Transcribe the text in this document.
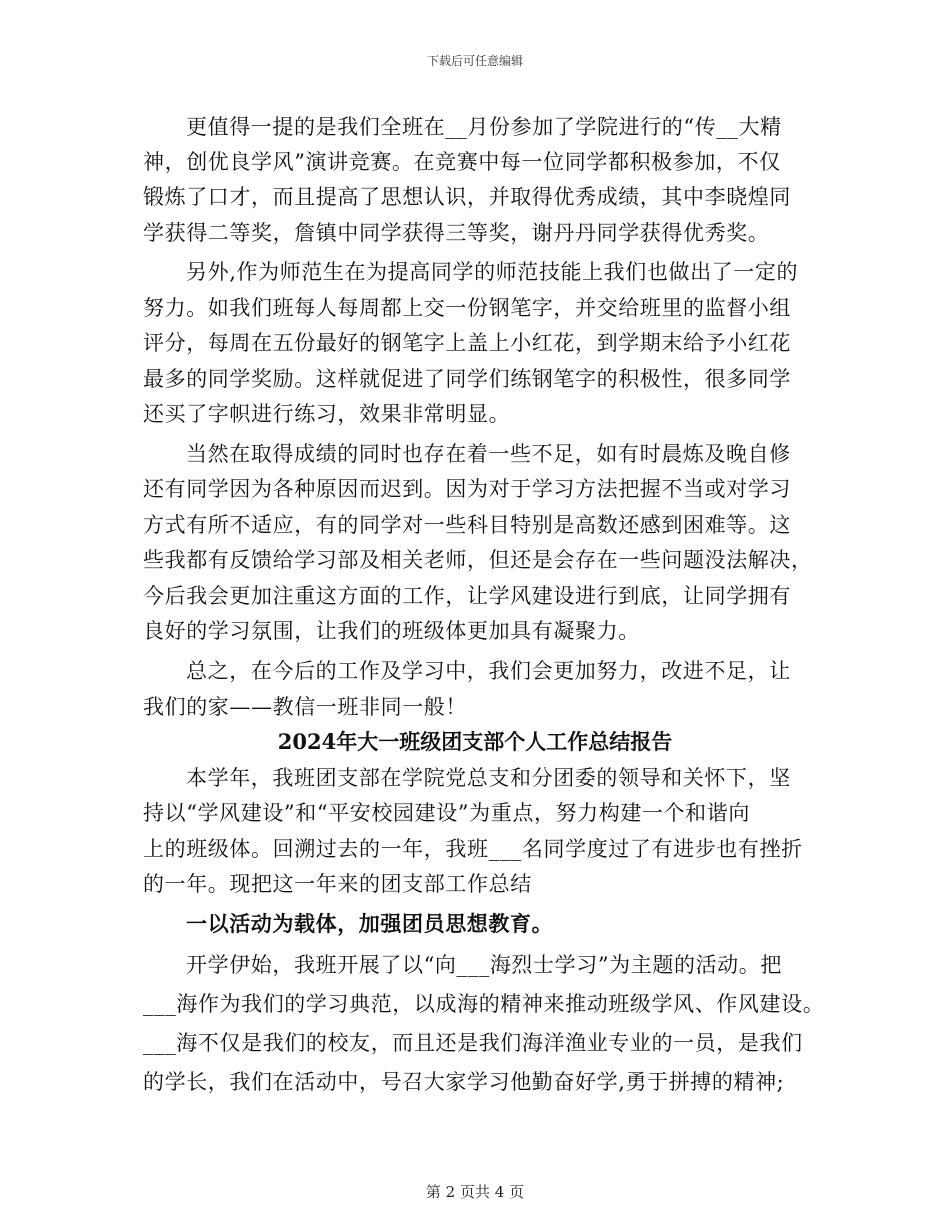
下载后可任意编辑
更值得一提的是我们全班在__月份参加了学院进行的“传__大精
神，创优良学风”演讲竞赛。在竞赛中每一位同学都积极参加，不仅
锻炼了口才，而且提高了思想认识，并取得优秀成绩，其中李晓煌同
学获得二等奖，詹镇中同学获得三等奖，谢丹丹同学获得优秀奖。
另外,作为师范生在为提高同学的师范技能上我们也做出了一定的
努力。如我们班每人每周都上交一份钢笔字，并交给班里的监督小组
评分，每周在五份最好的钢笔字上盖上小红花，到学期末给予小红花
最多的同学奖励。这样就促进了同学们练钢笔字的积极性，很多同学
还买了字帜进行练习，效果非常明显。
当然在取得成绩的同时也存在着一些不足，如有时晨炼及晚自修
还有同学因为各种原因而迟到。因为对于学习方法把握不当或对学习
方式有所不适应，有的同学对一些科目特别是高数还感到困难等。这
些我都有反馈给学习部及相关老师，但还是会存在一些问题没法解决，
今后我会更加注重这方面的工作，让学风建设进行到底，让同学拥有
良好的学习氛围，让我们的班级体更加具有凝聚力。
总之，在今后的工作及学习中，我们会更加努力，改进不足，让
我们的家——教信一班非同一般！
2024年大一班级团支部个人工作总结报告
本学年，我班团支部在学院党总支和分团委的领导和关怀下，坚
持以“学风建设”和“平安校园建设”为重点，努力构建一个和谐向
上的班级体。回溯过去的一年，我班___名同学度过了有进步也有挫折
的一年。现把这一年来的团支部工作总结
一以活动为载体，加强团员思想教育。
开学伊始，我班开展了以“向___海烈士学习”为主题的活动。把
___海作为我们的学习典范，以成海的精神来推动班级学风、作风建设。
___海不仅是我们的校友，而且还是我们海洋渔业专业的一员，是我们
的学长，我们在活动中，号召大家学习他勤奋好学,勇于拼搏的精神;
第 2 页共 4 页
